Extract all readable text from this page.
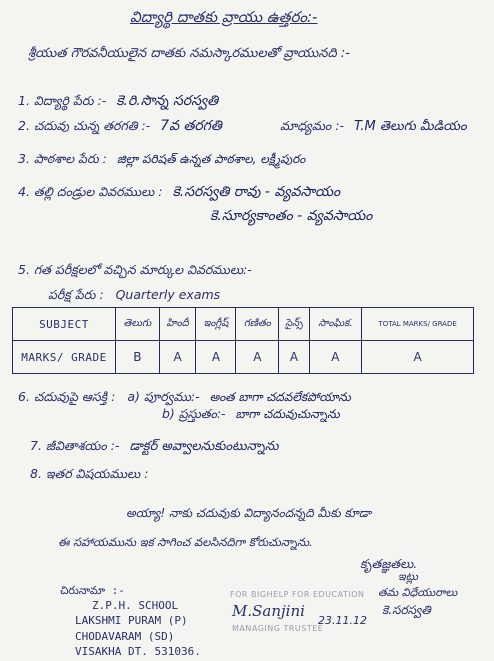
విద్యార్థి దాతకు వ్రాయు ఉత్తరం:-
శ్రీయుత గౌరవనీయులైన దాతకు నమస్కారములతో వ్రాయునది :-
1. విద్యార్థి పేరు :- కె.రి.సొన్న సరస్వతి
2. చదువు చున్న తరగతి :- 7వ తరగతి	మాధ్యమం :- T.M తెలుగు మీడియం
3. పాఠశాల పేరు : జిల్లా పరిషత్ ఉన్నత పాఠశాల, లక్ష్మీపురం
4. తల్లి దండ్రుల వివరములు : కె.సరస్వతి రావు - వ్యవసాయం
కె.సూర్యకాంతం - వ్యవసాయం
5. గత పరీక్షలలో వచ్చిన మార్కుల వివరములు:-
పరీక్ష పేరు : Quarterly exams
SUBJECT	తెలుగు	హిందీ	ఇంగ్లీష్	గణితం	సైన్స్	సాంఘిక.	TOTAL MARKS/ GRADE
MARKS/ GRADE	B	A	A	A	A	A	A
6. చదువుపై ఆసక్తి : a) పూర్వము:- అంత బాగా చదవలేకపోయాను
b) ప్రస్తుతం:- బాగా చదువుచున్నాను
7. జీవితాశయం :- డాక్టర్ అవ్వాలనుకుంటున్నాను
8. ఇతర విషయములు :
అయ్యా! నాకు చదువుకు విద్యానందన్నది మీకు కూడా
ఈ సహాయమును ఇక సాగించ వలసినదిగా కోరుచున్నాను.
కృతజ్ఞతలు.
చిరునామా :-
Z.P.H. SCHOOL
LAKSHMI PURAM (P)
CHODAVARAM (SD)
VISAKHA DT. 531036.
FOR BIGHELP FOR EDUCATION
M.Sanjini
23.11.12
MANAGING TRUSTEE
ఇట్లు
తమ విధేయురాలు
కె.సరస్వతి
